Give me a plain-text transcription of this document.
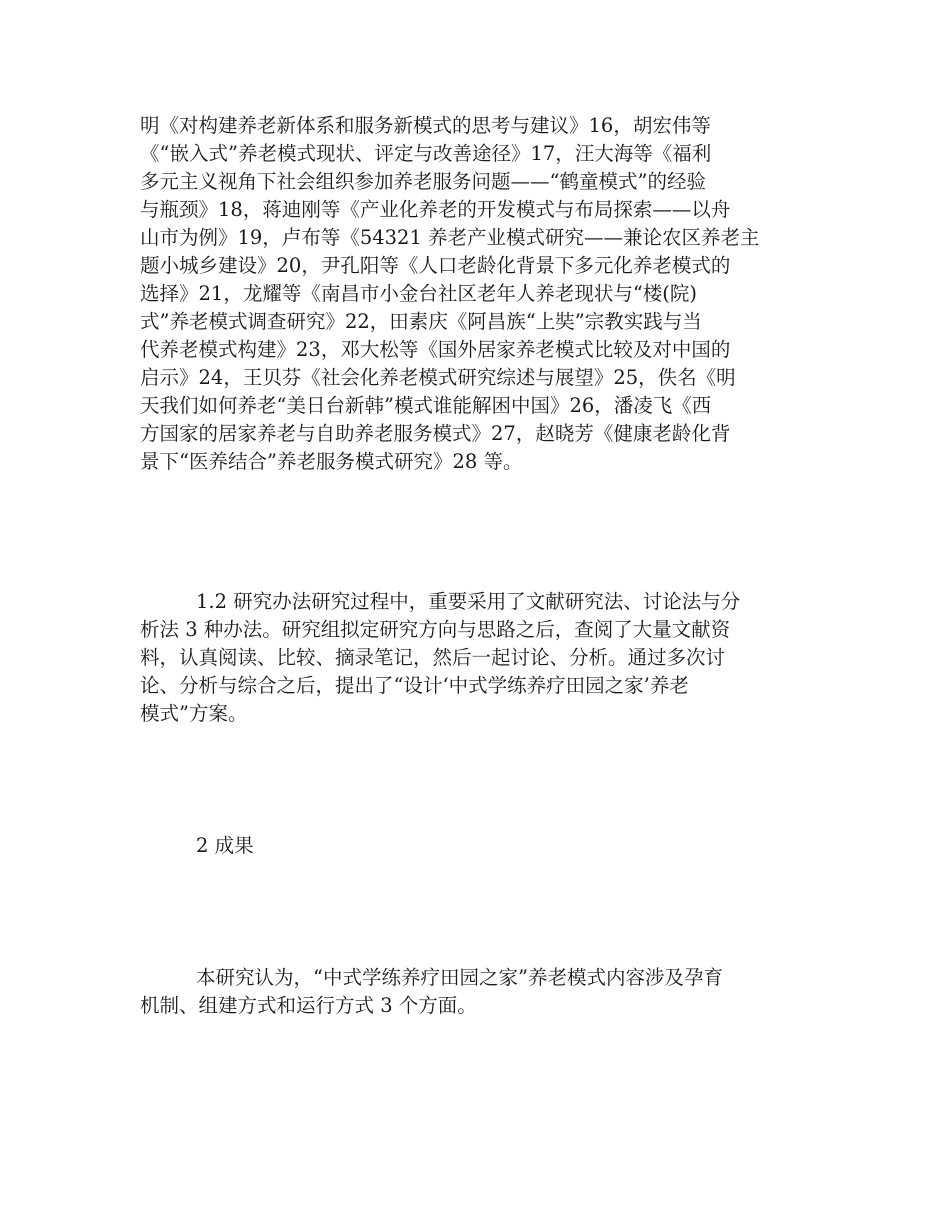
明《对构建养老新体系和服务新模式的思考与建议》16，胡宏伟等
《“嵌入式”养老模式现状、评定与改善途径》17，汪大海等《福利
多元主义视角下社会组织参加养老服务问题——“鹤童模式”的经验
与瓶颈》18，蒋迪刚等《产业化养老的开发模式与布局探索——以舟
山市为例》19，卢布等《54321 养老产业模式研究——兼论农区养老主
题小城乡建设》20，尹孔阳等《人口老龄化背景下多元化养老模式的
选择》21，龙耀等《南昌市小金台社区老年人养老现状与“楼(院)
式”养老模式调查研究》22，田素庆《阿昌族“上奘”宗教实践与当
代养老模式构建》23，邓大松等《国外居家养老模式比较及对中国的
启示》24，王贝芬《社会化养老模式研究综述与展望》25，佚名《明
天我们如何养老“美日台新韩”模式谁能解困中国》26，潘凌飞《西
方国家的居家养老与自助养老服务模式》27，赵晓芳《健康老龄化背
景下“医养结合”养老服务模式研究》28 等。
1.2 研究办法研究过程中，重要采用了文献研究法、讨论法与分
析法 3 种办法。研究组拟定研究方向与思路之后，查阅了大量文献资
料，认真阅读、比较、摘录笔记，然后一起讨论、分析。通过多次讨
论、分析与综合之后，提出了“设计‘中式学练养疗田园之家’养老
模式”方案。
2 成果
本研究认为，“中式学练养疗田园之家”养老模式内容涉及孕育
机制、组建方式和运行方式 3 个方面。
